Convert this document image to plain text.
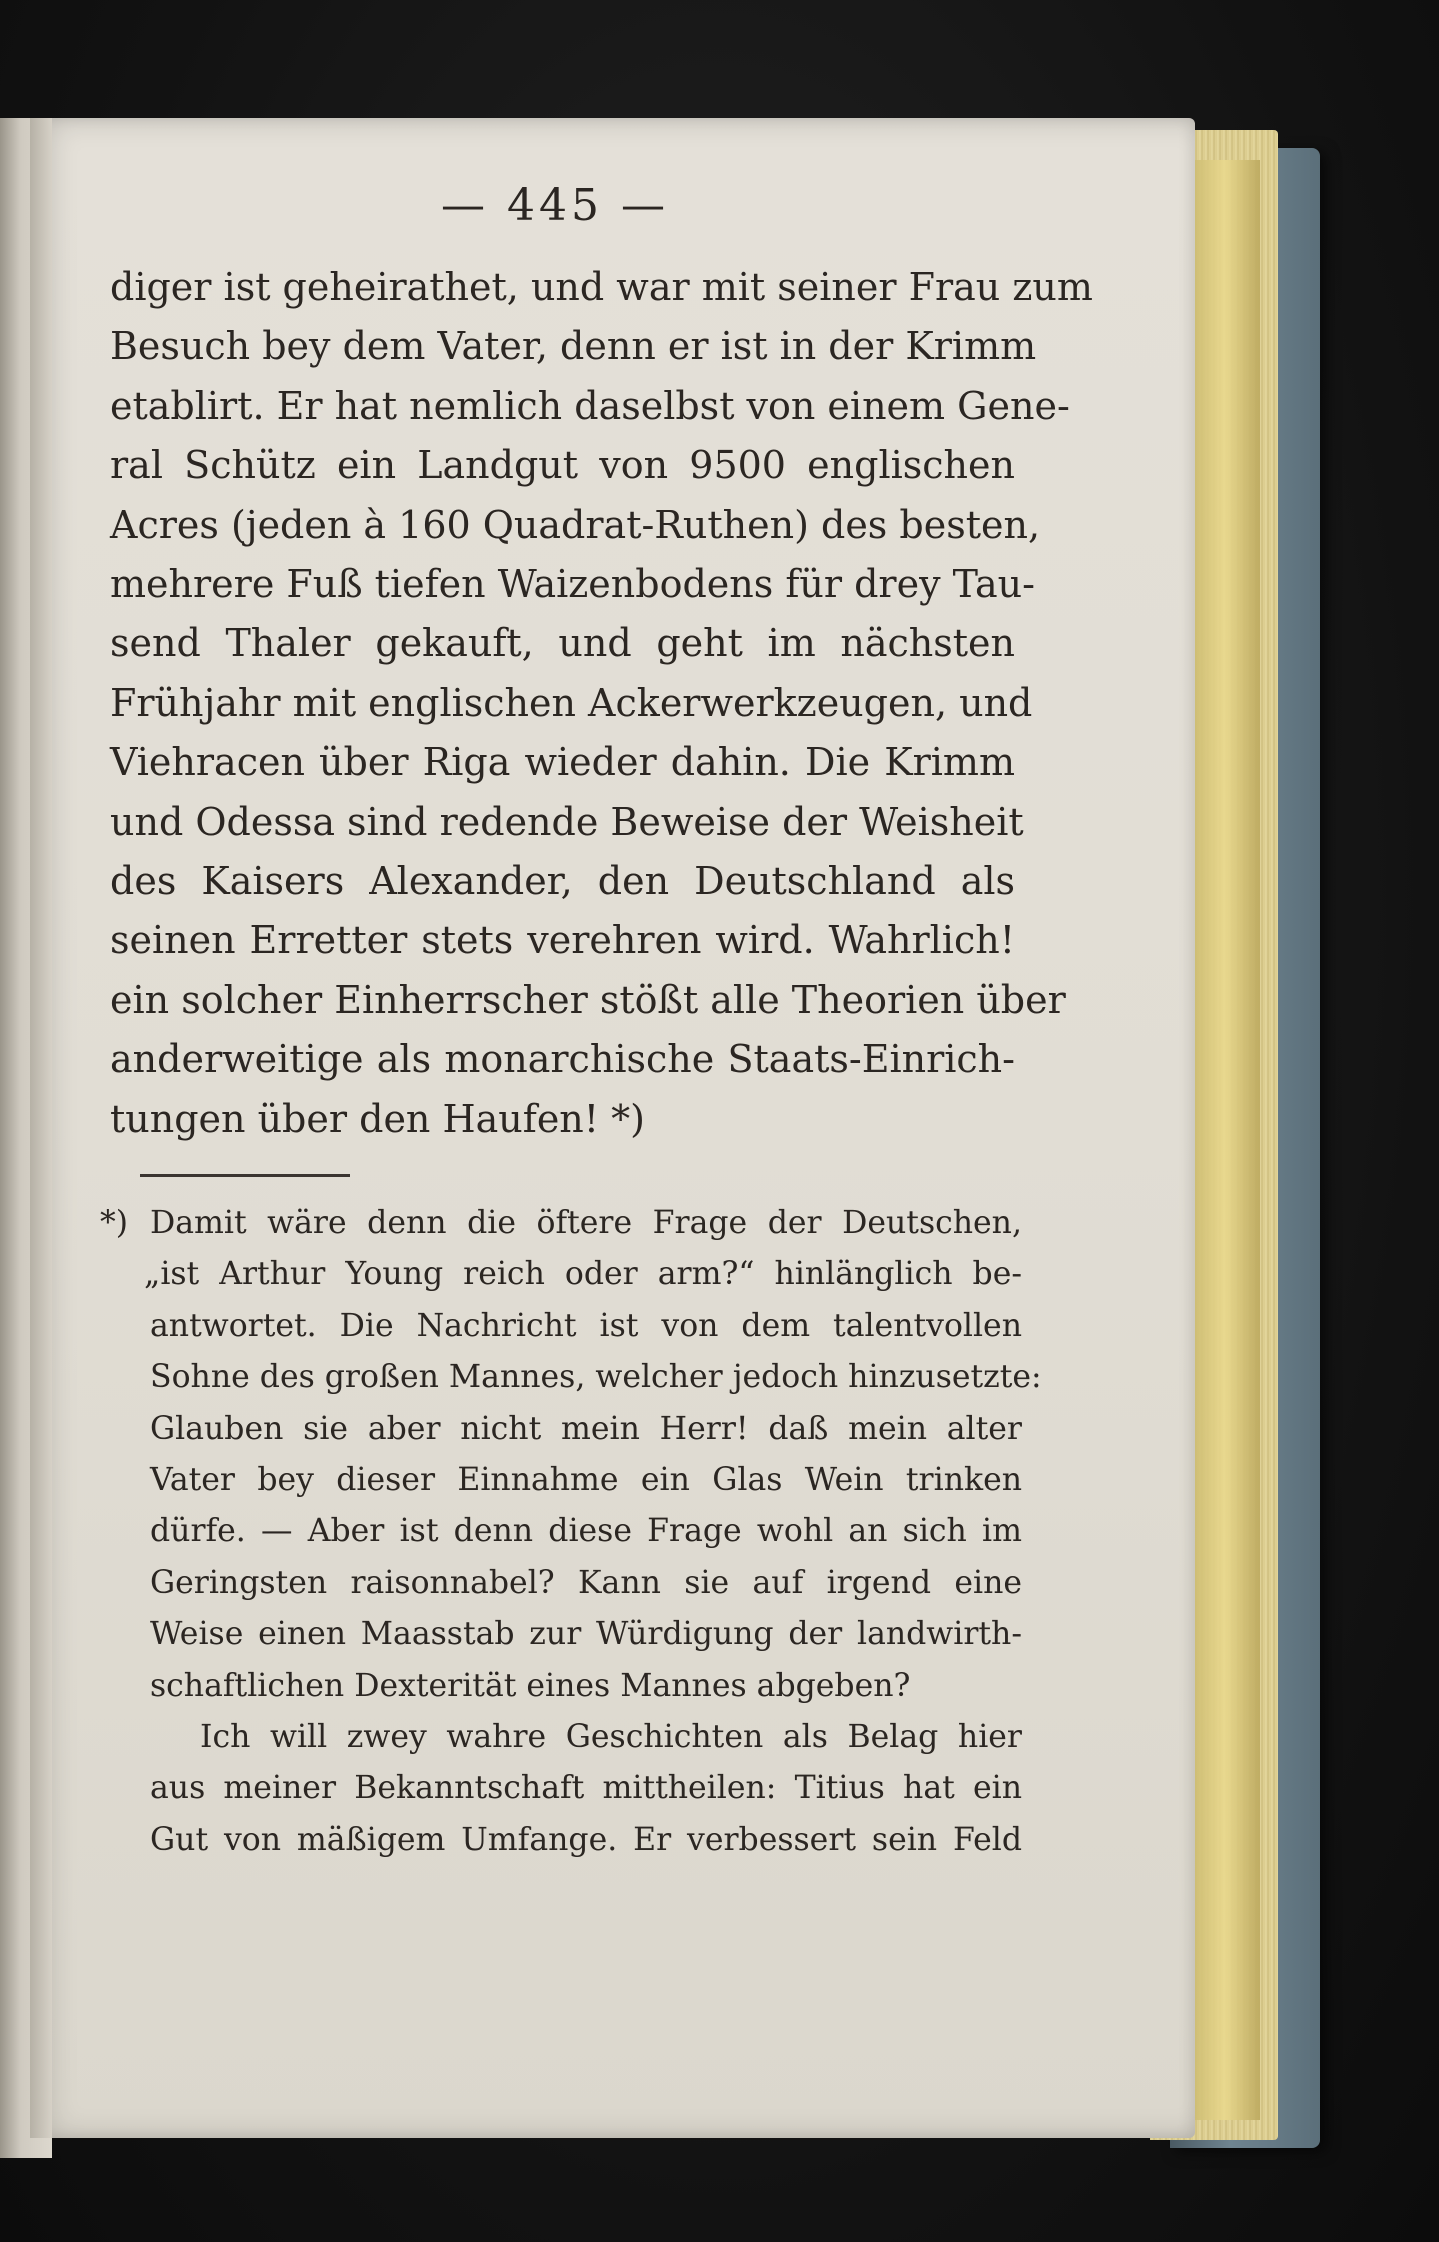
— 445 —
diger ist geheirathet, und war mit seiner Frau zum
Besuch bey dem Vater, denn er ist in der Krimm
etablirt. Er hat nemlich daselbst von einem Gene-
ral Schütz ein Landgut von 9500 englischen
Acres (jeden à 160 Quadrat-Ruthen) des besten,
mehrere Fuß tiefen Waizenbodens für drey Tau-
send Thaler gekauft, und geht im nächsten
Frühjahr mit englischen Ackerwerkzeugen, und
Viehracen über Riga wieder dahin. Die Krimm
und Odessa sind redende Beweise der Weisheit
des Kaisers Alexander, den Deutschland als
seinen Erretter stets verehren wird. Wahrlich!
ein solcher Einherrscher stößt alle Theorien über
anderweitige als monarchische Staats-Einrich-
tungen über den Haufen! *)
*) Damit wäre denn die öftere Frage der Deutschen,
„ist Arthur Young reich oder arm?“ hinlänglich be-
antwortet. Die Nachricht ist von dem talentvollen
Sohne des großen Mannes, welcher jedoch hinzusetzte:
Glauben sie aber nicht mein Herr! daß mein alter
Vater bey dieser Einnahme ein Glas Wein trinken
dürfe. — Aber ist denn diese Frage wohl an sich im
Geringsten raisonnabel? Kann sie auf irgend eine
Weise einen Maasstab zur Würdigung der landwirth-
schaftlichen Dexterität eines Mannes abgeben?
Ich will zwey wahre Geschichten als Belag hier
aus meiner Bekanntschaft mittheilen: Titius hat ein
Gut von mäßigem Umfange. Er verbessert sein Feld
